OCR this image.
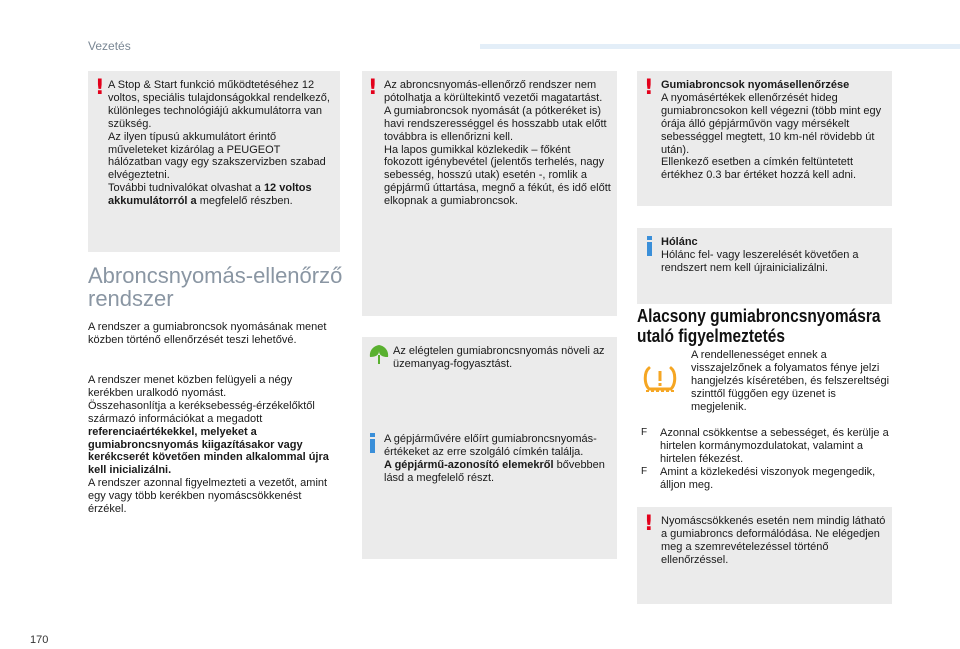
Vezetés
! A Stop & Start funkció működtetéséhez 12 voltos, speciális tulajdonságokkal rendelkező, különleges technológiájú akkumulátorra van szükség.

Az ilyen típusú akkumulátort érintő műveleteket kizárólag a PEUGEOT hálózatban vagy egy szakszervizben szabad elvégeztetni.

További tudnivalókat olvashat a 12 voltos akkumulátorról a megfelelő részben.

Abroncsnyomás-ellenőrző rendszer
A rendszer a gumiabroncsok nyomásának menet közben történő ellenőrzését teszi lehetővé.

A rendszer menet közben felügyeli a négy kerékben uralkodó nyomást.

Összehasonlítja a keréksebesség-érzékelőktől származó információkat a megadott referenciaértékekkel, melyeket a gumiabroncsnyomás kiigazításakor vagy kerékcserét követően minden alkalommal újra kell inicializálni.

A rendszer azonnal figyelmezteti a vezetőt, amint egy vagy több kerékben nyomáscsökkenést érzékel.

! Az abroncsnyomás-ellenőrző rendszer nem pótolhatja a körültekintő vezetői magatartást.

A gumiabroncsok nyomását (a pótkeréket is) havi rendszerességgel és hosszabb utak előtt továbbra is ellenőrizni kell.

Ha lapos gumikkal közlekedik – főként fokozott igénybevétel (jelentős terhelés, nagy sebesség, hosszú utak) esetén -, romlik a gépjármű úttartása, megnő a fékút, és idő előtt elkopnak a gumiabroncsok.

Az elégtelen gumiabroncsnyomás növeli az üzemanyag-fogyasztást.

A gépjárművére előírt gumiabroncsnyomás-értékeket az erre szolgáló címkén találja.

A gépjármű-azonosító elemekről bővebben lásd a megfelelő részt.

! Gumiabroncsok nyomásellenőrzése

A nyomásértékek ellenőrzését hideg gumiabroncsokon kell végezni (több mint egy órája álló gépjárművön vagy mérsékelt sebességgel megtett, 10 km-nél rövidebb út után).

Ellenkező esetben a címkén feltüntetett értékhez 0.3 bar értéket hozzá kell adni.

Hólánc

Hólánc fel- vagy leszerelését követően a rendszert nem kell újrainicializálni.

Alacsony gumiabroncsnyomásra utaló figyelmeztetés
A rendellenességet ennek a visszajelzőnek a folyamatos fénye jelzi hangjelzés kíséretében, és felszereltségi szinttől függően egy üzenet is megjelenik.
F Azonnal csökkentse a sebességet, és kerülje a hirtelen kormánymozdulatokat, valamint a hirtelen fékezést.
F Amint a közlekedési viszonyok megengedik, álljon meg.
! Nyomáscsökkenés esetén nem mindig látható a gumiabroncs deformálódása. Ne elégedjen meg a szemrevételezéssel történő ellenőrzéssel.
170
